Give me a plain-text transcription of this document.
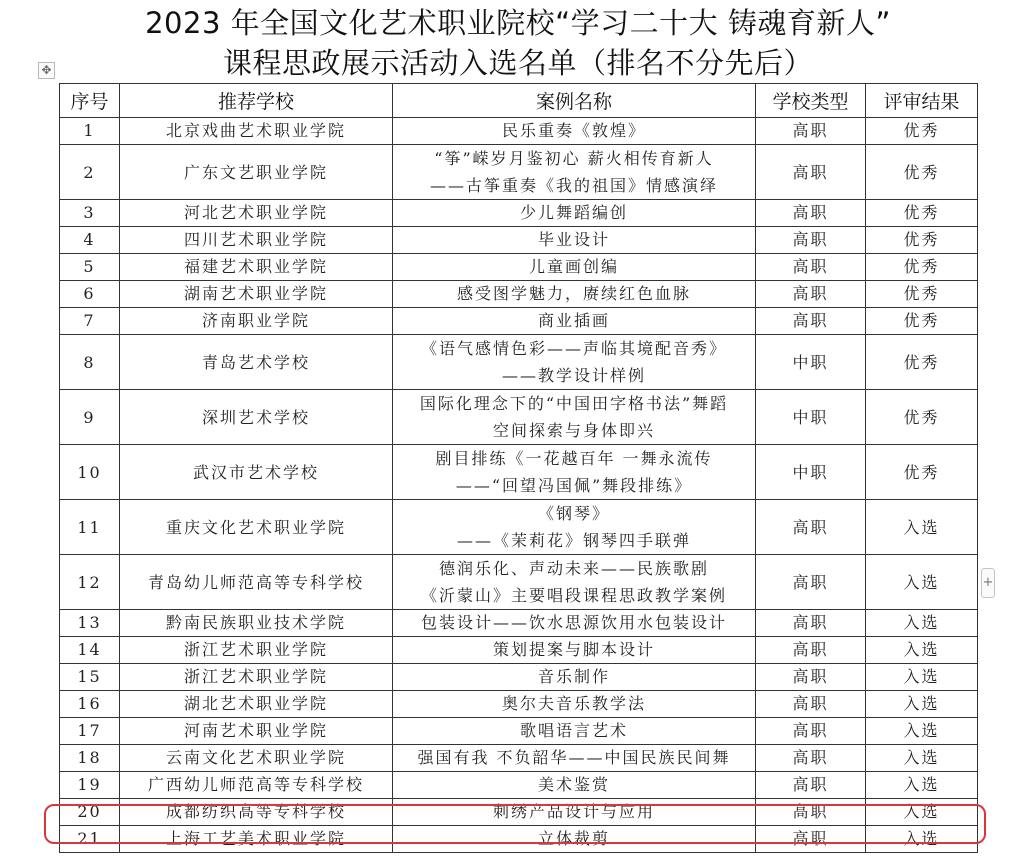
2023 年全国文化艺术职业院校“学习二十大 铸魂育新人”
课程思政展示活动入选名单（排名不分先后）
✥
序号	推荐学校	案例名称	学校类型	评审结果
1	北京戏曲艺术职业学院	民乐重奏《敦煌》	高职	优秀
2	广东文艺职业学院	“筝”嵘岁月鉴初心 薪火相传育新人
——古筝重奏《我的祖国》情感演绎	高职	优秀
3	河北艺术职业学院	少儿舞蹈编创	高职	优秀
4	四川艺术职业学院	毕业设计	高职	优秀
5	福建艺术职业学院	儿童画创编	高职	优秀
6	湖南艺术职业学院	感受图学魅力，赓续红色血脉	高职	优秀
7	济南职业学院	商业插画	高职	优秀
8	青岛艺术学校	《语气感情色彩——声临其境配音秀》
——教学设计样例	中职	优秀
9	深圳艺术学校	国际化理念下的“中国田字格书法”舞蹈
空间探索与身体即兴	中职	优秀
10	武汉市艺术学校	剧目排练《一花越百年 一舞永流传
——“回望冯国佩”舞段排练》	中职	优秀
11	重庆文化艺术职业学院	《钢琴》
——《茉莉花》钢琴四手联弹	高职	入选
12	青岛幼儿师范高等专科学校	德润乐化、声动未来——民族歌剧
《沂蒙山》主要唱段课程思政教学案例	高职	入选
13	黔南民族职业技术学院	包装设计——饮水思源饮用水包装设计	高职	入选
14	浙江艺术职业学院	策划提案与脚本设计	高职	入选
15	浙江艺术职业学院	音乐制作	高职	入选
16	湖北艺术职业学院	奥尔夫音乐教学法	高职	入选
17	河南艺术职业学院	歌唱语言艺术	高职	入选
18	云南文化艺术职业学院	强国有我 不负韶华——中国民族民间舞	高职	入选
19	广西幼儿师范高等专科学校	美术鉴赏	高职	入选
20	成都纺织高等专科学校	刺绣产品设计与应用	高职	入选
21	上海工艺美术职业学院	立体裁剪	高职	入选
+
